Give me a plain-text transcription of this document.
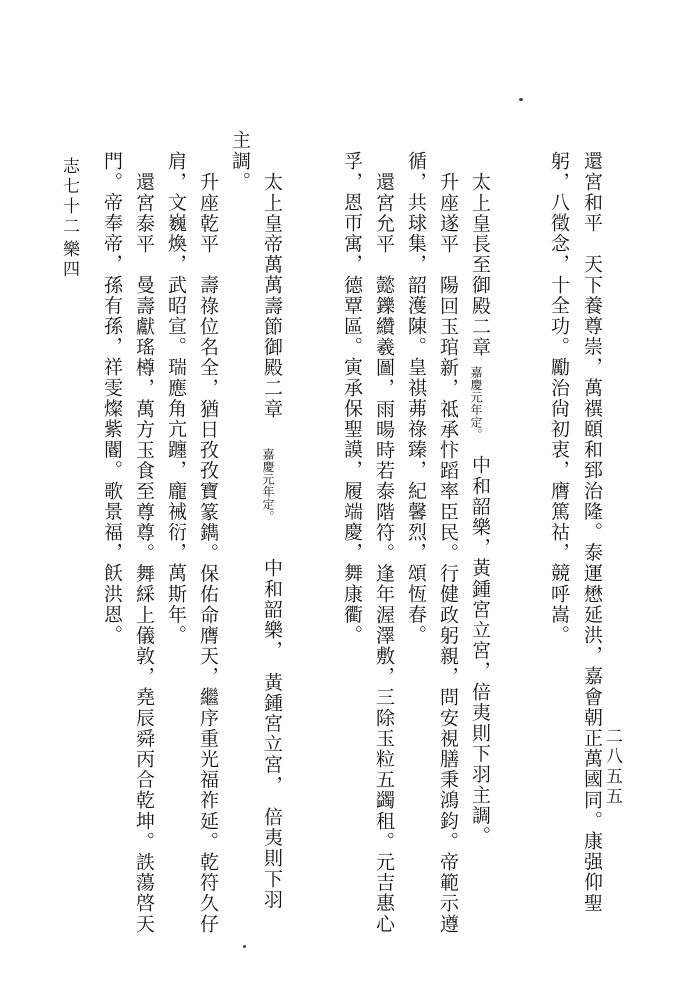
還宮和平　天下養尊崇，萬禩頤和郅治隆。泰運懋延洪，嘉會朝正萬國同。康强仰聖
躬，八徵念，十全功。勵治尙初衷，膺篤祜，競呼嵩。
太上皇長至御殿二章
嘉慶元年定。
中和韶樂，黃鍾宮立宮，倍夷則下羽主調。
升座遂平　陽回玉琯新，祗承忭蹈率臣民。行健政躬親，問安視膳秉鴻鈞。帝範示遵
循，共球集，韶濩陳。皇祺茀祿臻，紀馨烈，頌恆春。
還宮允平　懿鑠纘羲圖，雨暘時若泰階符。逢年渥澤敷，三除玉粒五蠲租。元吉惠心
孚，恩帀寓，德覃區。寅承保聖謨，履端慶，舞康衢。
太上皇帝萬萬壽節御殿二章
嘉慶元年定。
中和韶樂，　黃鍾宮立宮，　倍夷則下羽
主調。
升座乾平　壽祿位名全，猶日孜孜寶篆鐫。保佑命膺天，繼序重光福祚延。乾符久仔
肩，文巍煥，武昭宣。瑞應角亢躔，龐祴衍，萬斯年。
還宮泰平　曼壽獻瑤樽，萬方玉食至尊尊。舞綵上儀敦，堯辰舜丙合乾坤。詄蕩啓天
門。帝奉帝，孫有孫，祥雯燦紫閽。歌景福，飫洪恩。
志七十二
樂四
二八五五
